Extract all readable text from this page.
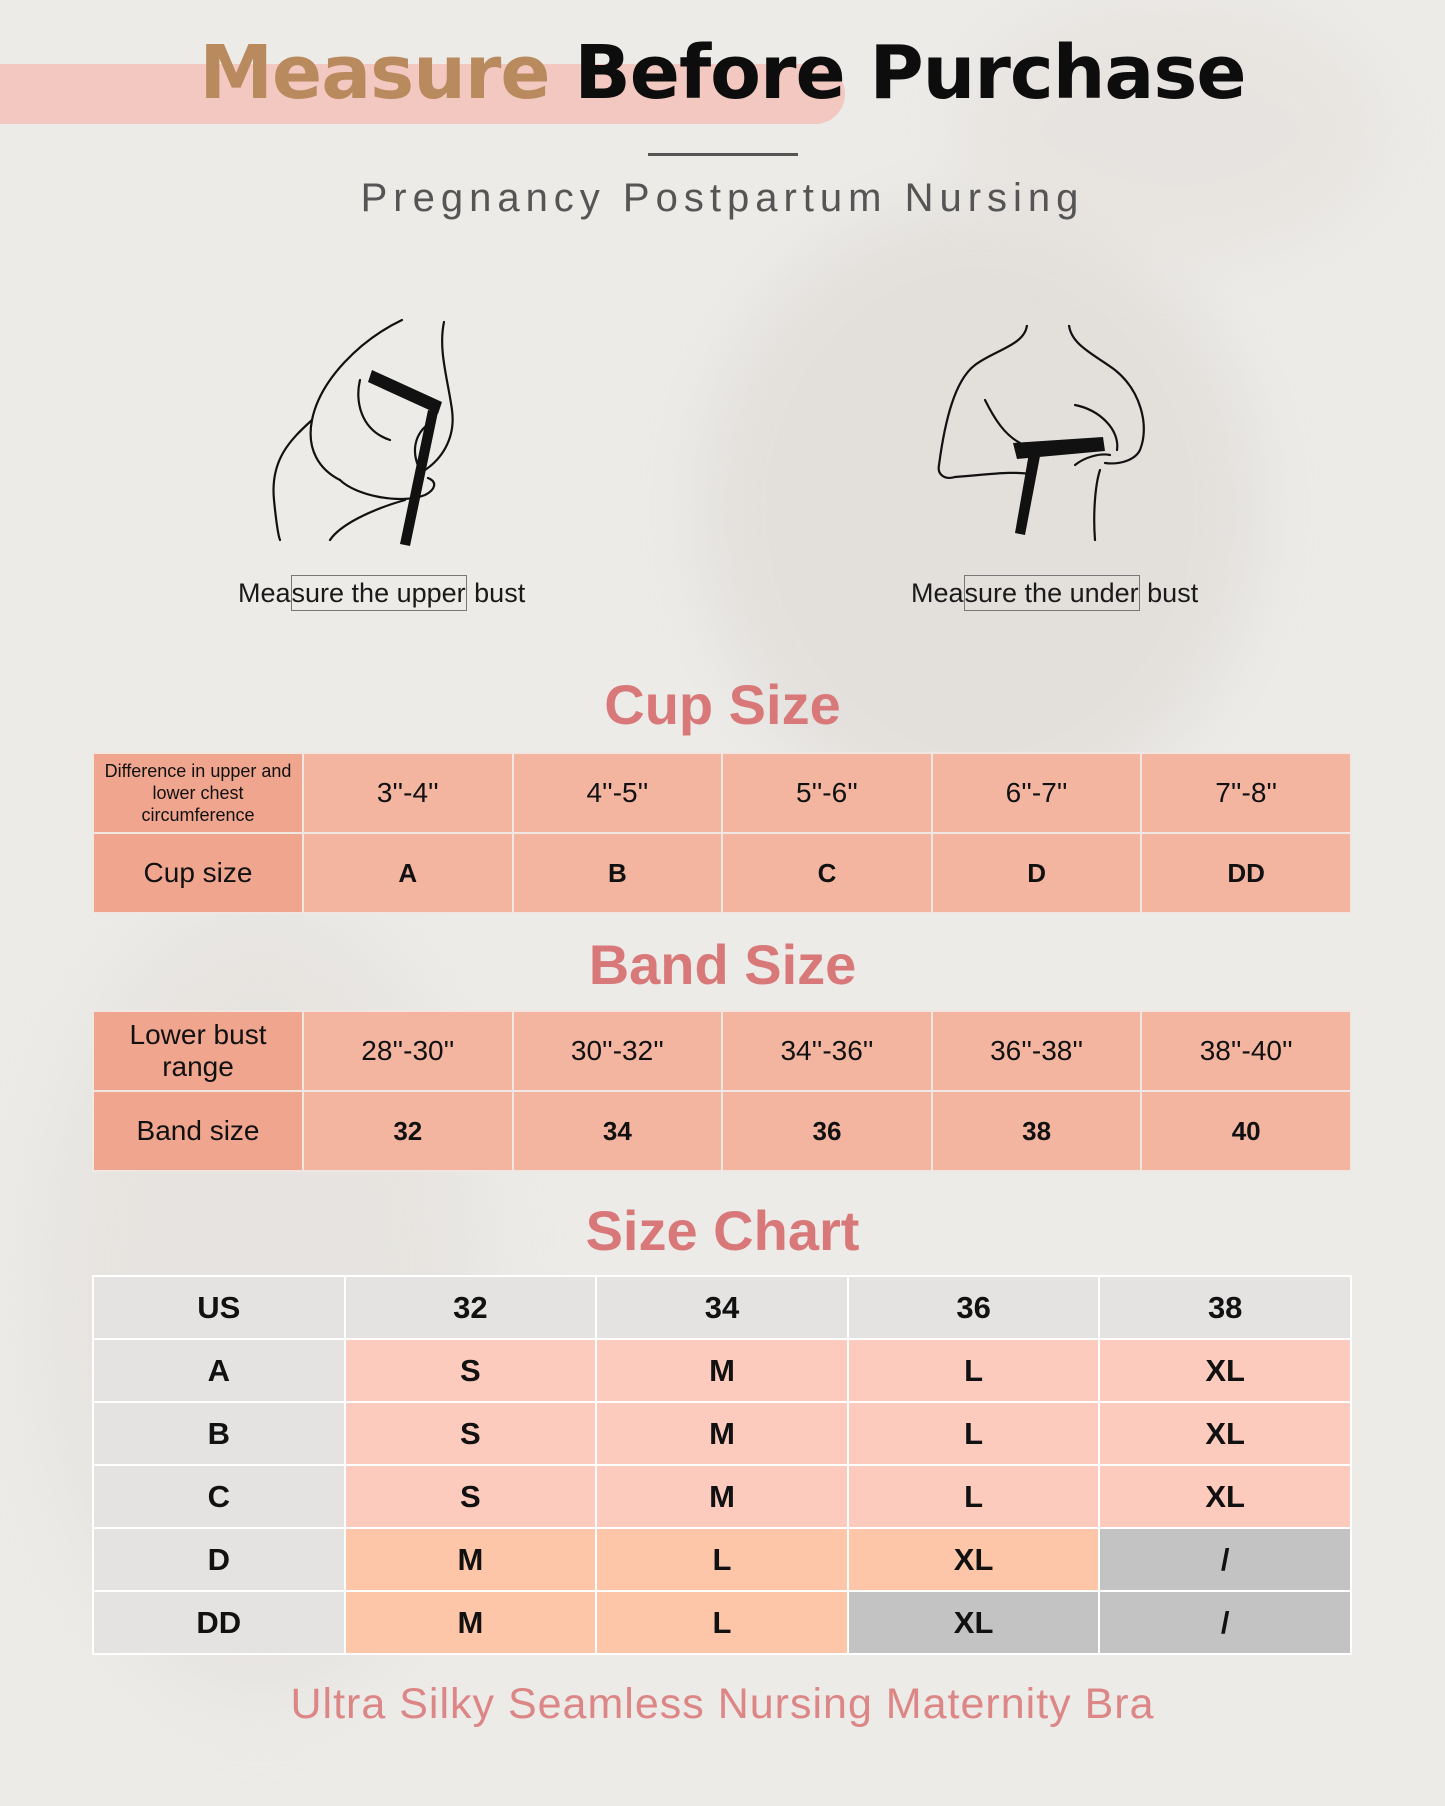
Measure Before Purchase
Pregnancy Postpartum Nursing
Measure the upper bust	Measure the under bust
Cup Size
Difference in upper and lower chest circumference	3''-4''	4''-5''	5''-6''	6''-7''	7''-8''
Cup size	A	B	C	D	DD
Band Size
Lower bust range	28''-30''	30''-32''	34''-36''	36''-38''	38''-40''
Band size	32	34	36	38	40
Size Chart
US	32	34	36	38
A	S	M	L	XL
B	S	M	L	XL
C	S	M	L	XL
D	M	L	XL	/
DD	M	L	XL	/
Ultra Silky Seamless Nursing Maternity Bra
